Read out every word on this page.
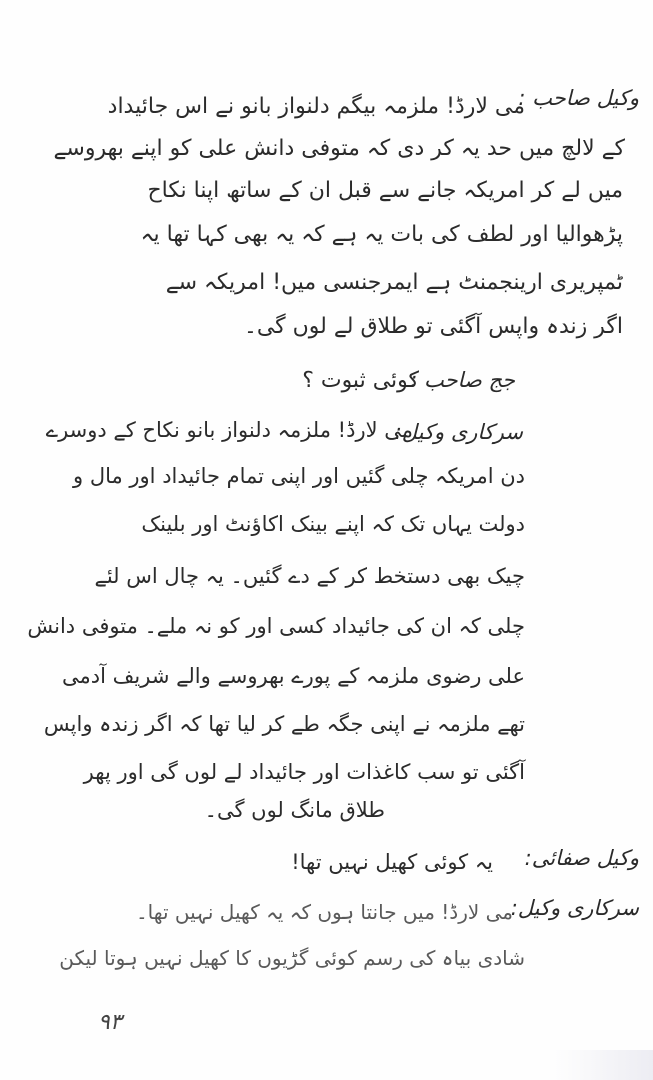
وکیل صاحب :
جج صاحب :
سرکاری وکیل:
وکیل صفائی:
سرکاری وکیل:
می لارڈ! ملزمہ بیگم دلنواز بانو نے اس جائیداد
کے لالچ میں حد یہ کر دی کہ متوفی دانش علی کو اپنے بھروسے
میں لے کر امریکہ جانے سے قبل ان کے ساتھ اپنا نکاح
پڑھوالیا اور لطف کی بات یہ ہے کہ یہ بھی کہا تھا یہ
ٹمپریری ارینجمنٹ ہے ایمرجنسی میں! امریکہ سے
اگر زندہ واپس آگئی تو طلاق لے لوں گی۔
کوئی ثبوت ؟
می لارڈ! ملزمہ دلنواز بانو نکاح کے دوسرے
دن امریکہ چلی گئیں اور اپنی تمام جائیداد اور مال و
دولت یہاں تک کہ اپنے بینک اکاؤنٹ اور بلینک
چیک بھی دستخط کر کے دے گئیں۔ یہ چال اس لئے
چلی کہ ان کی جائیداد کسی اور کو نہ ملے۔ متوفی دانش
علی رضوی ملزمہ کے پورے بھروسے والے شریف آدمی
تھے ملزمہ نے اپنی جگہ طے کر لیا تھا کہ اگر زندہ واپس
آگئی تو سب کاغذات اور جائیداد لے لوں گی اور پھر
طلاق مانگ لوں گی۔
یہ کوئی کھیل نہیں تھا!
می لارڈ! میں جانتا ہوں کہ یہ کھیل نہیں تھا۔
شادی بیاہ کی رسم کوئی گڑیوں کا کھیل نہیں ہوتا لیکن
۹۳
